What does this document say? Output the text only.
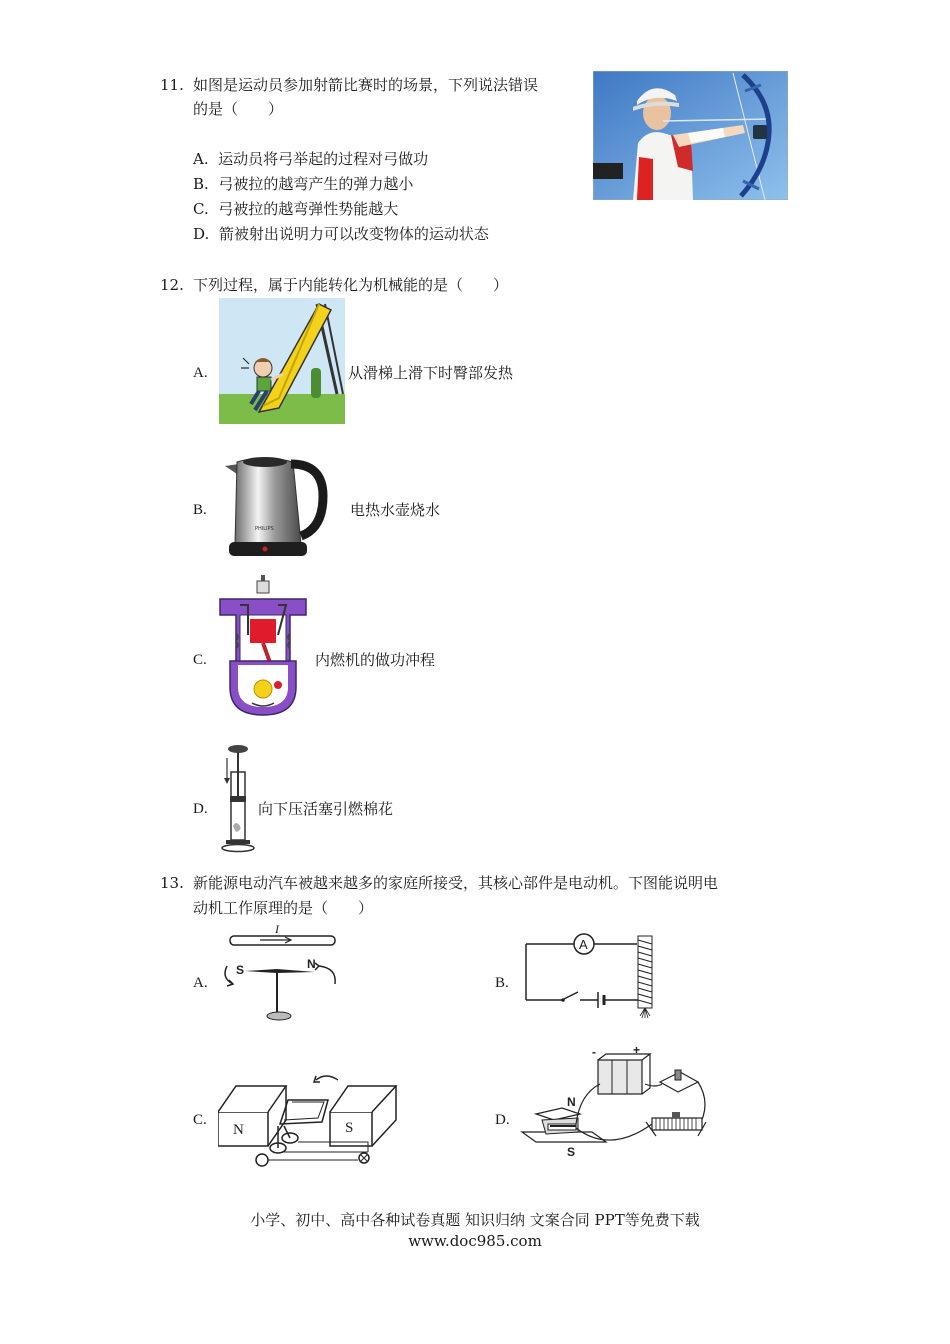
11. 如图是运动员参加射箭比赛时的场景，下列说法错误
的是（　　）
A. 运动员将弓举起的过程对弓做功
B. 弓被拉的越弯产生的弹力越小
C. 弓被拉的越弯弹性势能越大
D. 箭被射出说明力可以改变物体的运动状态
12. 下列过程，属于内能转化为机械能的是（　　）
A.	从滑梯上滑下时臀部发热
B.
PHILIPS
电热水壶烧水
C.	内燃机的做功冲程
D.	向下压活塞引燃棉花
13. 新能源电动汽车被越来越多的家庭所接受，其核心部件是电动机。下图能说明电
动机工作原理的是（　　）
A.
I
S	N
B.
A
C.
N	S	D.
-	+
N
S
小学、初中、高中各种试卷真题 知识归纳 文案合同 PPT等免费下载
www.doc985.com
